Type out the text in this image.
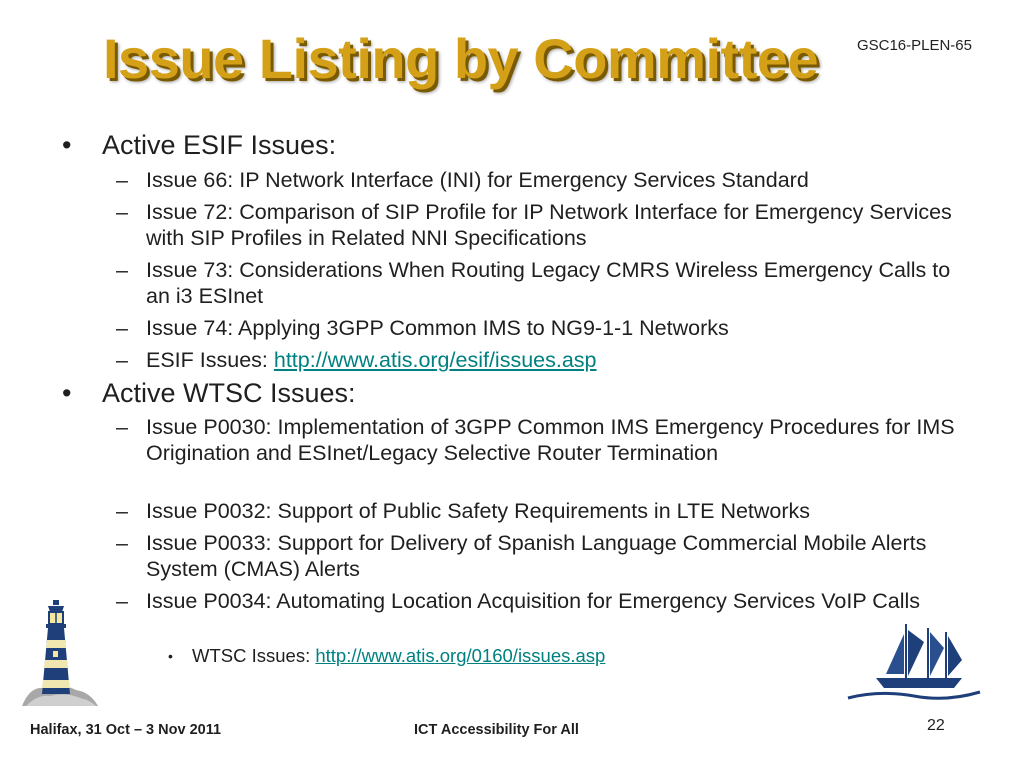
Issue Listing by Committee	GSC16-PLEN-65
• Active ESIF Issues:
– Issue 66: IP Network Interface (INI) for Emergency Services Standard
– Issue 72: Comparison of SIP Profile for IP Network Interface for Emergency Services with SIP Profiles in Related NNI Specifications
– Issue 73: Considerations When Routing Legacy CMRS Wireless Emergency Calls to an i3 ESInet
– Issue 74: Applying 3GPP Common IMS to NG9-1-1 Networks
– ESIF Issues: http://www.atis.org/esif/issues.asp
• Active WTSC Issues:
– Issue P0030: Implementation of 3GPP Common IMS Emergency Procedures for IMS Origination and ESInet/Legacy Selective Router Termination
– Issue P0032: Support of Public Safety Requirements in LTE Networks
– Issue P0033: Support for Delivery of Spanish Language Commercial Mobile Alerts System (CMAS) Alerts
– Issue P0034: Automating Location Acquisition for Emergency Services VoIP Calls
• WTSC Issues: http://www.atis.org/0160/issues.asp
Halifax, 31 Oct – 3 Nov 2011	ICT Accessibility For All	22
